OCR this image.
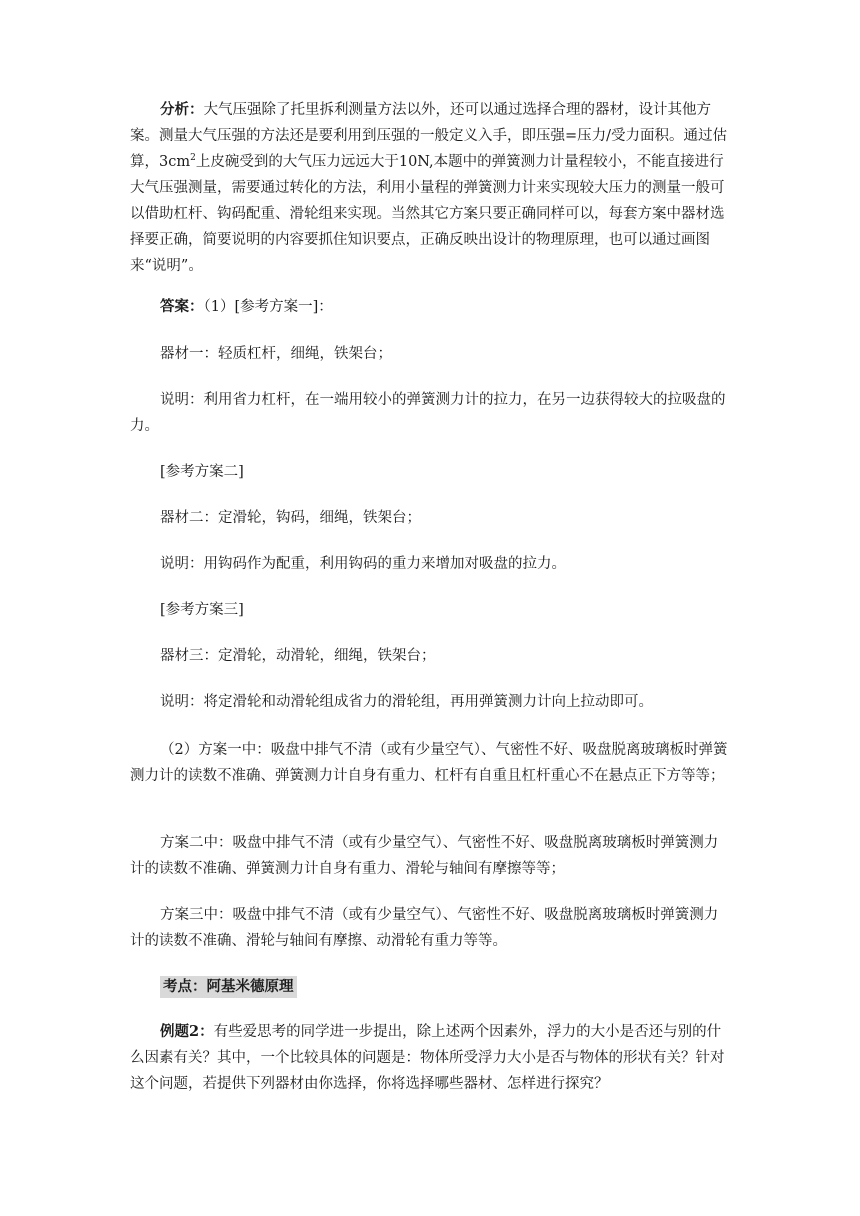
分析：大气压强除了托里拆利测量方法以外，还可以通过选择合理的器材，设计其他方案。测量大气压强的方法还是要利用到压强的一般定义入手，即压强=压力/受力面积。通过估算，$3cm^2$上皮碗受到的大气压力远远大于10N,本题中的弹簧测力计量程较小，不能直接进行大气压强测量，需要通过转化的方法，利用小量程的弹簧测力计来实现较大压力的测量一般可以借助杠杆、钩码配重、滑轮组来实现。当然其它方案只要正确同样可以，每套方案中器材选择要正确，简要说明的内容要抓住知识要点，正确反映出设计的物理原理，也可以通过画图来“说明”。

答案：（1）[参考方案一]：

器材一：轻质杠杆，细绳，铁架台；

说明：利用省力杠杆，在一端用较小的弹簧测力计的拉力，在另一边获得较大的拉吸盘的力。

[参考方案二]

器材二：定滑轮，钩码，细绳，铁架台；

说明：用钩码作为配重，利用钩码的重力来增加对吸盘的拉力。

[参考方案三]

器材三：定滑轮，动滑轮，细绳，铁架台；

说明：将定滑轮和动滑轮组成省力的滑轮组，再用弹簧测力计向上拉动即可。

（2）方案一中：吸盘中排气不清（或有少量空气）、气密性不好、吸盘脱离玻璃板时弹簧测力计的读数不准确、弹簧测力计自身有重力、杠杆有自重且杠杆重心不在悬点正下方等等；

方案二中：吸盘中排气不清（或有少量空气）、气密性不好、吸盘脱离玻璃板时弹簧测力计的读数不准确、弹簧测力计自身有重力、滑轮与轴间有摩擦等等；

方案三中：吸盘中排气不清（或有少量空气）、气密性不好、吸盘脱离玻璃板时弹簧测力计的读数不准确、滑轮与轴间有摩擦、动滑轮有重力等等。

考点：阿基米德原理

例题2：有些爱思考的同学进一步提出，除上述两个因素外，浮力的大小是否还与别的什么因素有关？其中，一个比较具体的问题是：物体所受浮力大小是否与物体的形状有关？针对这个问题，若提供下列器材由你选择，你将选择哪些器材、怎样进行探究？
